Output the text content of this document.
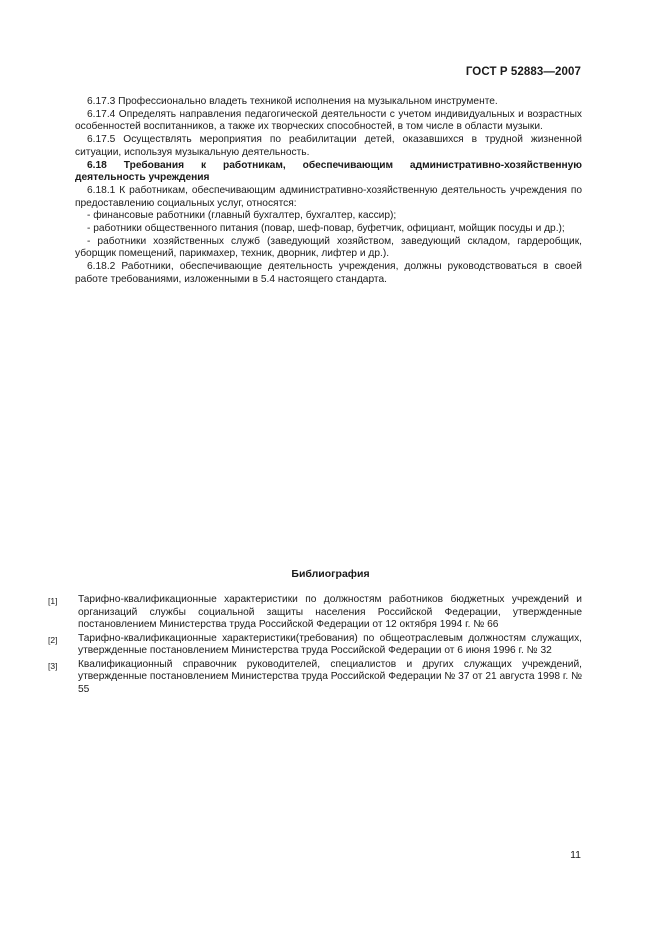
ГОСТ Р 52883—2007

6.17.3 Профессионально владеть техникой исполнения на музыкальном инструменте.

6.17.4 Определять направления педагогической деятельности с учетом индивидуальных и возрастных особенностей воспитанников, а также их творческих способностей, в том числе в области музыки.

6.17.5 Осуществлять мероприятия по реабилитации детей, оказавшихся в трудной жизненной ситуации, используя музыкальную деятельность.

6.18 Требования к работникам, обеспечивающим административно-хозяйственную деятельность учреждения

6.18.1 К работникам, обеспечивающим административно-хозяйственную деятельность учреждения по предоставлению социальных услуг, относятся:

- финансовые работники (главный бухгалтер, бухгалтер, кассир);

- работники общественного питания (повар, шеф-повар, буфетчик, официант, мойщик посуды и др.);

- работники хозяйственных служб (заведующий хозяйством, заведующий складом, гардеробщик, уборщик помещений, парикмахер, техник, дворник, лифтер и др.).

6.18.2 Работники, обеспечивающие деятельность учреждения, должны руководствоваться в своей работе требованиями, изложенными в 5.4 настоящего стандарта.

Библиография
[1]	Тарифно-квалификационные характеристики по должностям работников бюджетных учреждений и организаций службы социальной защиты населения Российской Федерации, утвержденные постановлением Министерства труда Российской Федерации от 12 октября 1994 г. № 66
[2]	Тарифно-квалификационные характеристики(требования) по общеотраслевым должностям служащих, утвержденные постановлением Министерства труда Российской Федерации от 6 июня 1996 г. № 32
[3]	Квалификационный справочник руководителей, специалистов и других служащих учреждений, утвержденные постановлением Министерства труда Российской Федерации № 37 от 21 августа 1998 г. № 55
11
